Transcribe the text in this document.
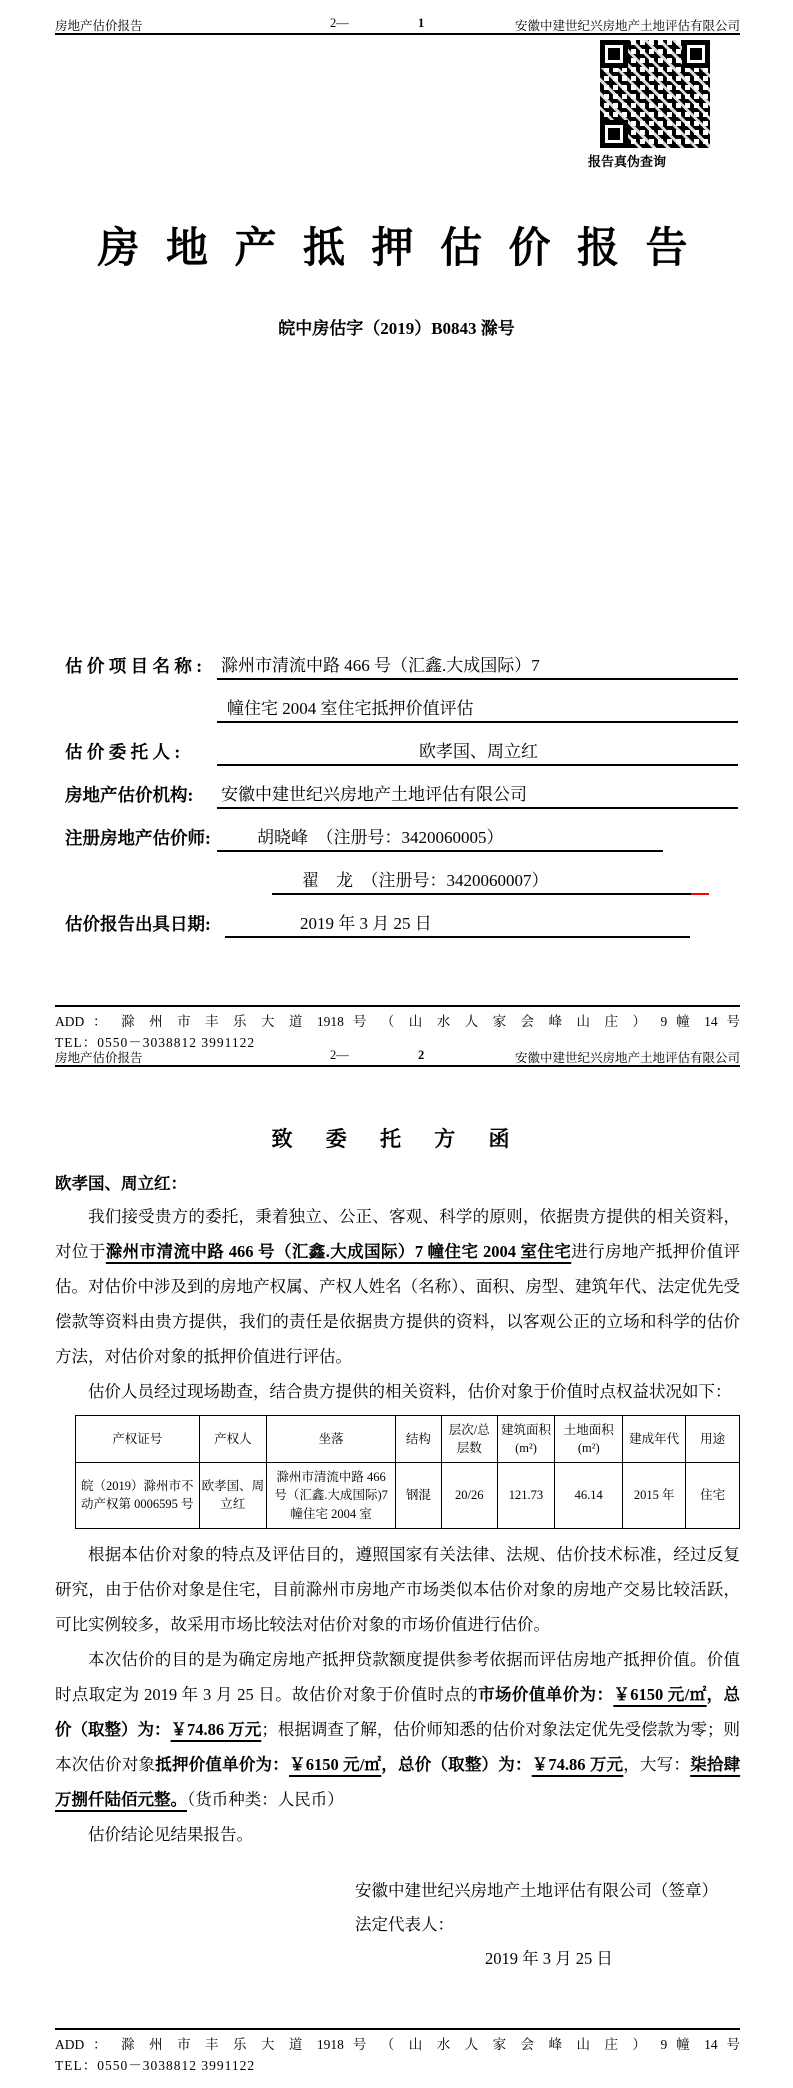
房地产估价报告	2—	1	安徽中建世纪兴房地产土地评估有限公司
报告真伪查询
房 地 产 抵 押 估 价 报 告
皖中房估字（2019）B0843 滁号
估 价 项 目 名 称 :	滁州市清流中路 466 号（汇鑫.大成国际）7
幢住宅 2004 室住宅抵押价值评估
估 价 委 托 人 :	欧孝国、周立红
房地产估价机构:	安徽中建世纪兴房地产土地评估有限公司
注册房地产估价师:	胡晓峰　（注册号：3420060005）
翟　龙　（注册号：3420060007）
估价报告出具日期:	2019 年 3 月 25 日
ADD ： 滁 州 市 丰 乐 大 道 1918 号 （ 山 水 人 家 会 峰 山 庄 ） 9 幢 14 号
TEL：0550－3038812 3991122
房地产估价报告	2—	2	安徽中建世纪兴房地产土地评估有限公司
致 委 托 方 函
欧孝国、周立红：

我们接受贵方的委托，秉着独立、公正、客观、科学的原则，依据贵方提供的相关资料，对位于滁州市清流中路 466 号（汇鑫.大成国际）7 幢住宅 2004 室住宅进行房地产抵押价值评估。对估价中涉及到的房地产权属、产权人姓名（名称）、面积、房型、建筑年代、法定优先受偿款等资料由贵方提供，我们的责任是依据贵方提供的资料，以客观公正的立场和科学的估价方法，对估价对象的抵押价值进行评估。

估价人员经过现场勘查，结合贵方提供的相关资料，估价对象于价值时点权益状况如下：

产权证号	产权人	坐落	结构	层次/总层数	建筑面积(m²)	土地面积(m²)	建成年代	用途
皖（2019）滁州市不动产权第 0006595 号	欧孝国、周立红	滁州市清流中路 466 号（汇鑫.大成国际)7 幢住宅 2004 室	钢混	20/26	121.73	46.14	2015 年	住宅

根据本估价对象的特点及评估目的，遵照国家有关法律、法规、估价技术标准，经过反复研究，由于估价对象是住宅，目前滁州市房地产市场类似本估价对象的房地产交易比较活跃，可比实例较多，故采用市场比较法对估价对象的市场价值进行估价。

本次估价的目的是为确定房地产抵押贷款额度提供参考依据而评估房地产抵押价值。价值时点取定为 2019 年 3 月 25 日。故估价对象于价值时点的市场价值单价为：￥6150 元/㎡，总价（取整）为：￥74.86 万元；根据调查了解，估价师知悉的估价对象法定优先受偿款为零；则本次估价对象抵押价值单价为：￥6150 元/㎡，总价（取整）为：￥74.86 万元，大写：柒拾肆万捌仟陆佰元整。（货币种类：人民币）

估价结论见结果报告。

安徽中建世纪兴房地产土地评估有限公司（签章）
法定代表人：
2019 年 3 月 25 日
ADD ： 滁 州 市 丰 乐 大 道 1918 号 （ 山 水 人 家 会 峰 山 庄 ） 9 幢 14 号
TEL：0550－3038812 3991122
